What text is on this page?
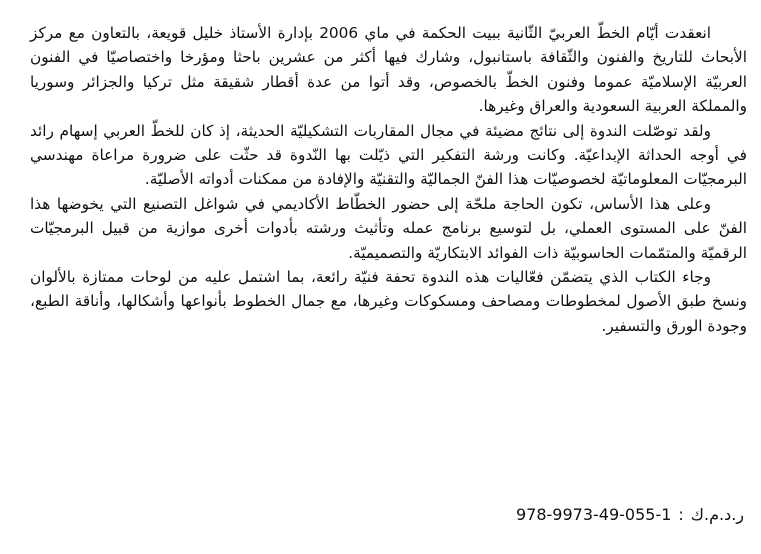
انعقدت أيّام الخطّ العربيّ الثّانية ببيت الحكمة في ماي 2006 بإدارة الأستاذ خليل قويعة، بالتعاون مع مركز الأبحاث للتاريخ والفنون والثّقافة باستانبول، وشارك فيها أكثر من عشرين باحثا ومؤرخا واختصاصيّا في الفنون العربيّة الإسلاميّة عموما وفنون الخطّ بالخصوص، وقد أتوا من عدة أقطار شقيقة مثل تركيا والجزائر وسوريا والمملكة العربية السعودية والعراق وغيرها.

ولقد توصّلت الندوة إلى نتائج مضيئة في مجال المقاربات التشكيليّة الحديثة، إذ كان للخطّ العربي إسهام رائد في أوجه الحداثة الإبداعيّة. وكانت ورشة التفكير التي ذيّلت بها النّدوة قد حثّت على ضرورة مراعاة مهندسي البرمجيّات المعلوماتيّة لخصوصيّات هذا الفنّ الجماليّة والتقنيّة والإفادة من ممكنات أدواته الأصليّة.

وعلى هذا الأساس، تكون الحاجة ملحّة إلى حضور الخطّاط الأكاديمي في شواغل التصنيع التي يخوضها هذا الفنّ على المستوى العملي، بل لتوسيع برنامج عمله وتأثيث ورشته بأدوات أخرى موازية من قبيل البرمجيّات الرقميّة والمتمّمات الحاسوبيّة ذات الفوائد الابتكاريّة والتصميميّة.

وجاء الكتاب الذي يتضمّن فعّاليات هذه الندوة تحفة فنيّة رائعة، بما اشتمل عليه من لوحات ممتازة بالألوان ونسخ طبق الأصول لمخطوطات ومصاحف ومسكوكات وغيرها، مع جمال الخطوط بأنواعها وأشكالها، وأناقة الطبع، وجودة الورق والتسفير.

ر.د.م.ك:978-9973-49-055-1
